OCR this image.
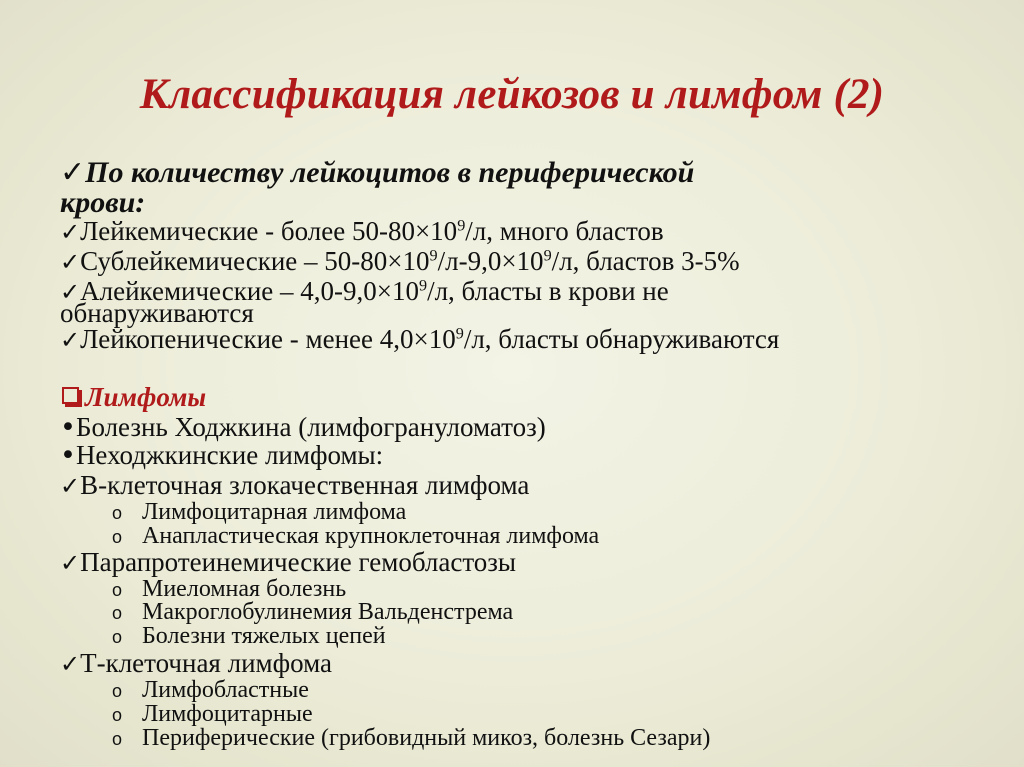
Классификация лейкозов и лимфом (2)
✓По количеству лейкоцитов в периферической
крови:
✓Лейкемические - более $50-80\times 10^9/л$, много бластов
✓Сублейкемические – $50-80\times 10^9/л-9,0\times 10^9/л$, бластов 3-5%
✓Алейкемические – $4,0-9,0\times 10^9/л$, бласты в крови не
обнаруживаются
✓Лейкопенические - менее $4,0\times 10^9/л$, бласты обнаруживаются
Лимфомы
•Болезнь Ходжкина (лимфогрануломатоз)
•Неходжкинские лимфомы:
✓В-клеточная злокачественная лимфома
o Лимфоцитарная лимфома
o Анапластическая крупноклеточная лимфома
✓Парапротеинемические гемобластозы
o Миеломная болезнь
o Макроглобулинемия Вальденстрема
o Болезни тяжелых цепей
✓Т-клеточная лимфома
o Лимфобластные
o Лимфоцитарные
o Периферические (грибовидный микоз, болезнь Сезари)
